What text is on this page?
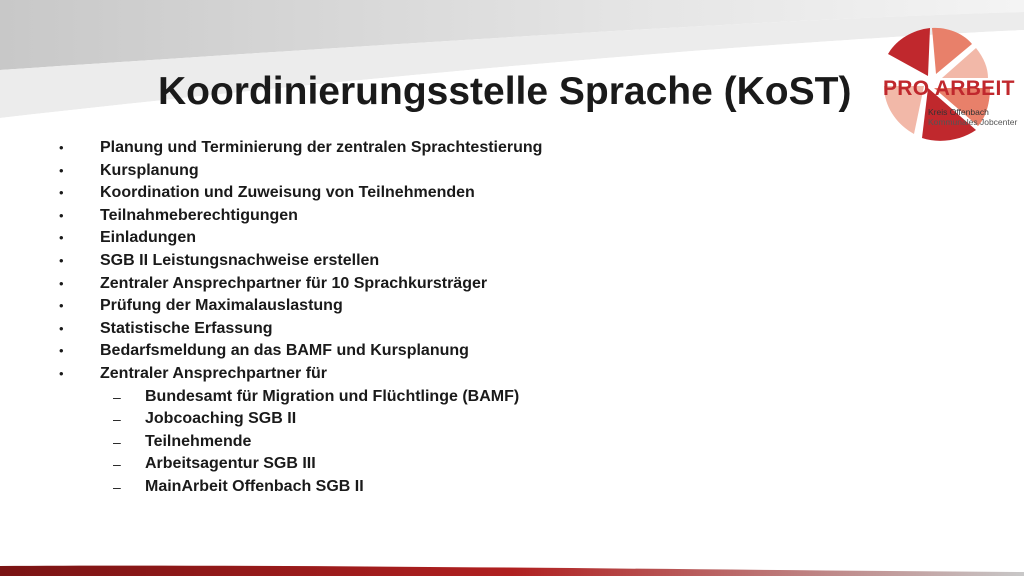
Koordinierungsstelle Sprache (KoST) PRO ARBEIT
Kreis Offenbach
Kommunales Jobcenter
• Planung und Terminierung der zentralen Sprachtestierung
• Kursplanung
• Koordination und Zuweisung von Teilnehmenden
• Teilnahmeberechtigungen
• Einladungen
• SGB II Leistungsnachweise erstellen
• Zentraler Ansprechpartner für 10 Sprachkursträger
• Prüfung der Maximalauslastung
• Statistische Erfassung
• Bedarfsmeldung an das BAMF und Kursplanung
• Zentraler Ansprechpartner für
– Bundesamt für Migration und Flüchtlinge (BAMF)
– Jobcoaching SGB II
– Teilnehmende
– Arbeitsagentur SGB III
– MainArbeit Offenbach SGB II
